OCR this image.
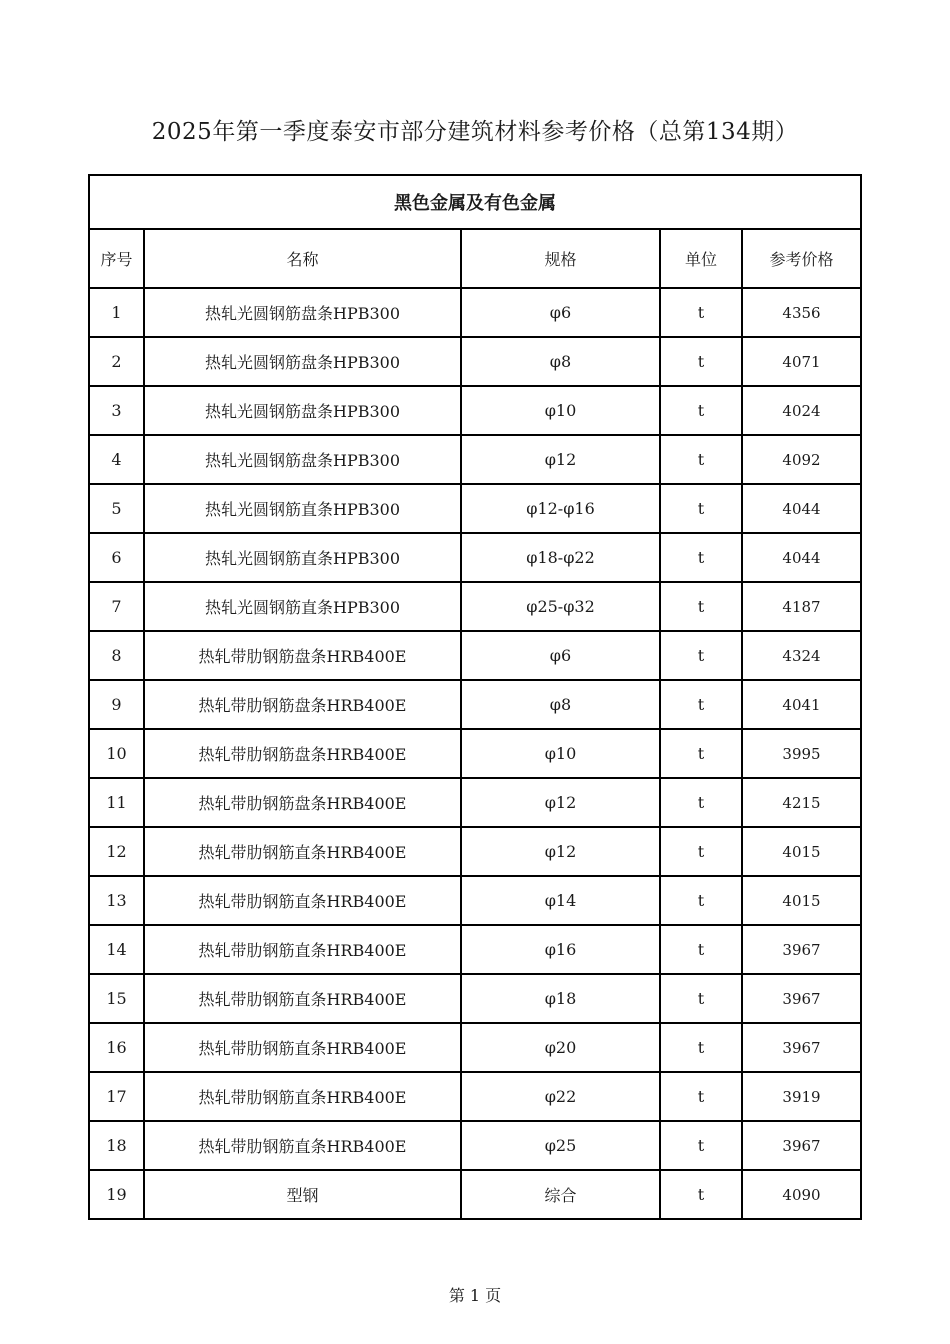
2025年第一季度泰安市部分建筑材料参考价格（总第134期）
黑色金属及有色金属				
序号	名称	规格	单位	参考价格
1	热轧光圆钢筋盘条HPB300	φ6	t	4356
2	热轧光圆钢筋盘条HPB300	φ8	t	4071
3	热轧光圆钢筋盘条HPB300	φ10	t	4024
4	热轧光圆钢筋盘条HPB300	φ12	t	4092
5	热轧光圆钢筋直条HPB300	φ12-φ16	t	4044
6	热轧光圆钢筋直条HPB300	φ18-φ22	t	4044
7	热轧光圆钢筋直条HPB300	φ25-φ32	t	4187
8	热轧带肋钢筋盘条HRB400E	φ6	t	4324
9	热轧带肋钢筋盘条HRB400E	φ8	t	4041
10	热轧带肋钢筋盘条HRB400E	φ10	t	3995
11	热轧带肋钢筋盘条HRB400E	φ12	t	4215
12	热轧带肋钢筋直条HRB400E	φ12	t	4015
13	热轧带肋钢筋直条HRB400E	φ14	t	4015
14	热轧带肋钢筋直条HRB400E	φ16	t	3967
15	热轧带肋钢筋直条HRB400E	φ18	t	3967
16	热轧带肋钢筋直条HRB400E	φ20	t	3967
17	热轧带肋钢筋直条HRB400E	φ22	t	3919
18	热轧带肋钢筋直条HRB400E	φ25	t	3967
19	型钢	综合	t	4090
第 1 页
